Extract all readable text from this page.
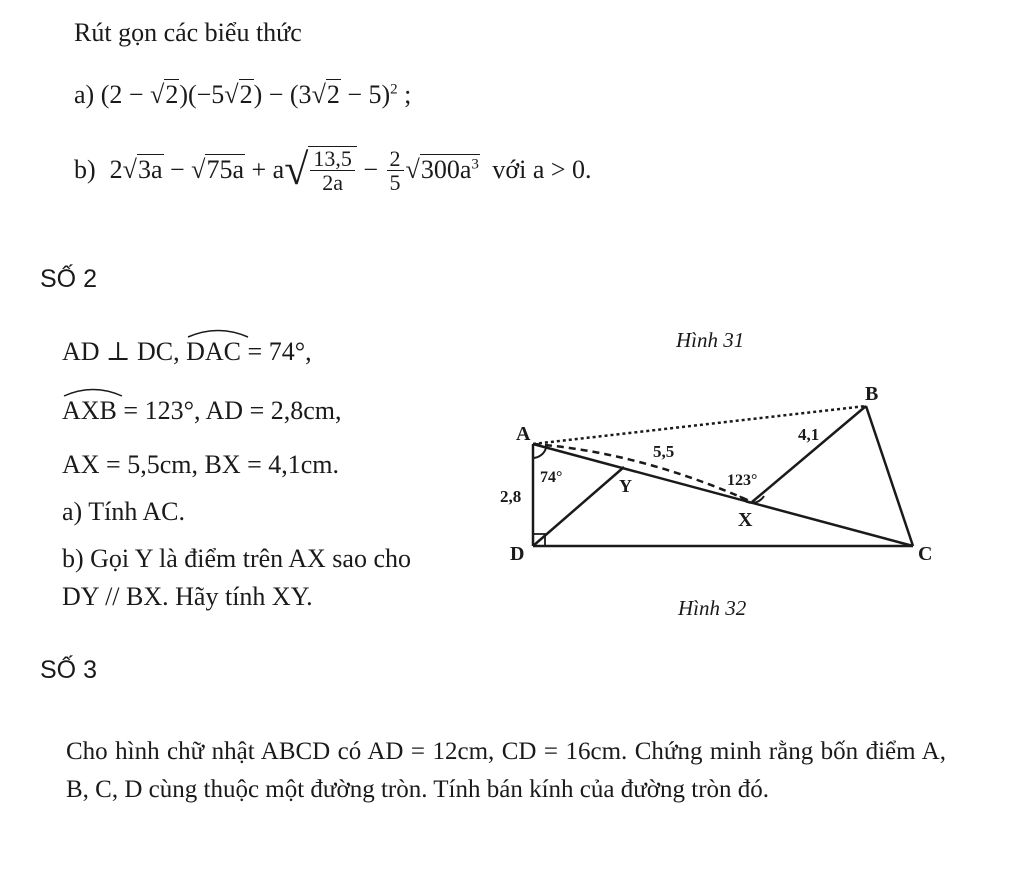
Rút gọn các biểu thức
a) $(2 - √2)(-5√2) - (3√2 - 5)^2$ ;
b) 2 √3a − √75a + a √ $\frac{13,5}{2a} - \frac{2}{5} √300a^3$ với a > 0.
SỐ 2
AD ⊥ DC,
DAC = 74°,
AXB = 123°, AD = 2,8cm,
AX = 5,5cm, BX = 4,1cm.
a) Tính AC.
b) Gọi Y là điểm trên AX sao cho
DY // BX. Hãy tính XY.
Hình 31
Hình 32
A
B
C
D
X
Y
2,8
5,5
4,1
74°	123°
SỐ 3
Cho hình chữ nhật ABCD có AD = 12cm, CD = 16cm. Chứng minh rằng bốn điểm A, B, C, D cùng thuộc một đường tròn. Tính bán kính của đường tròn đó.
